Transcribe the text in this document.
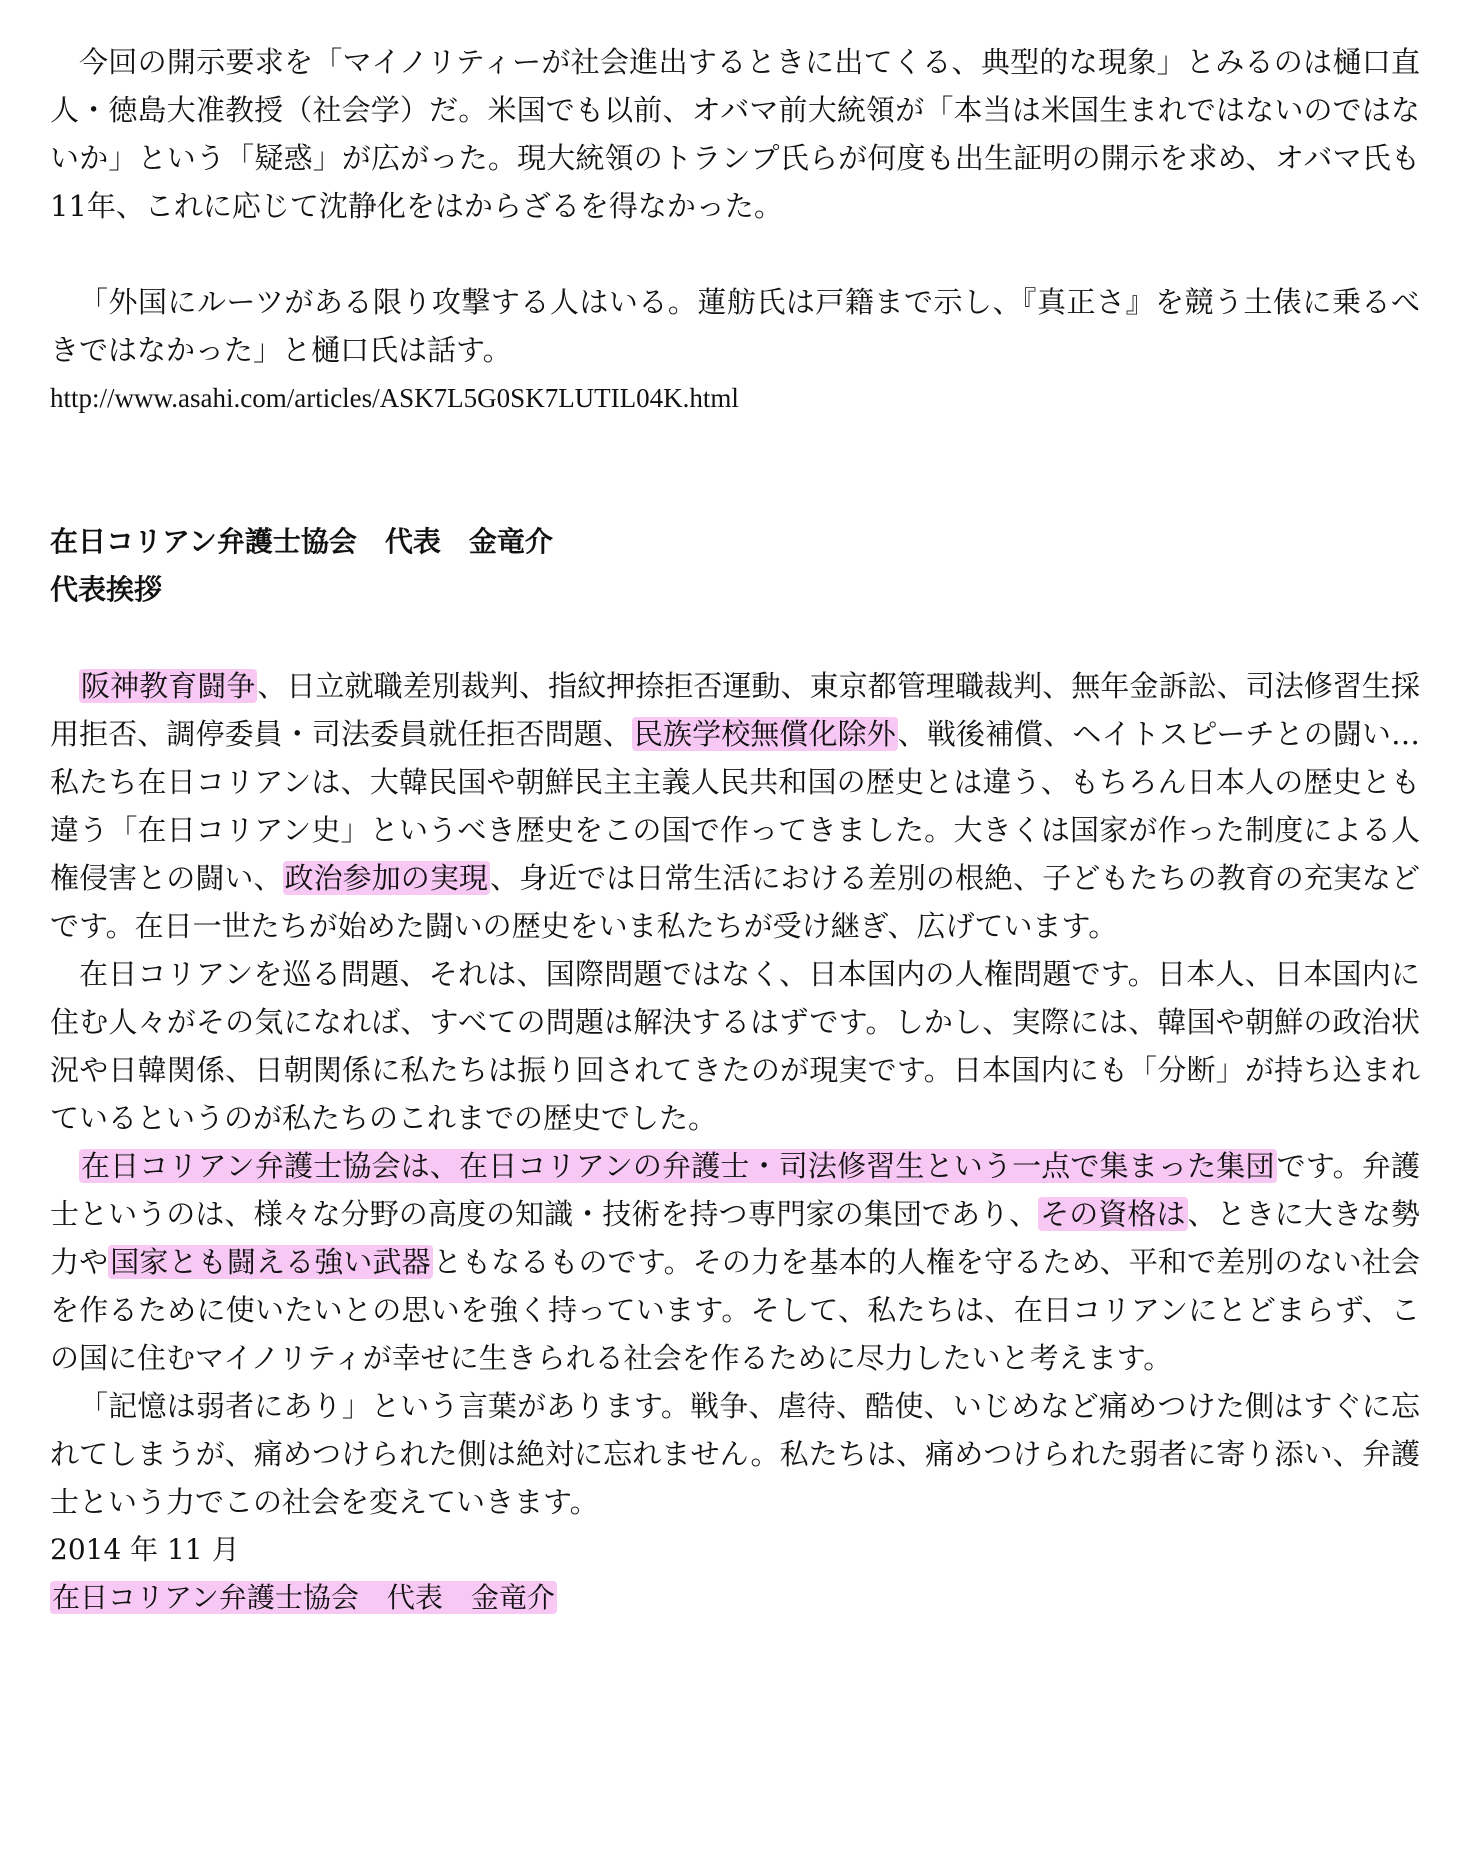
今回の開示要求を「マイノリティーが社会進出するときに出てくる、典型的な現象」とみるのは樋口直人・徳島大准教授（社会学）だ。米国でも以前、オバマ前大統領が「本当は米国生まれではないのではないか」という「疑惑」が広がった。現大統領のトランプ氏らが何度も出生証明の開示を求め、オバマ氏も11年、これに応じて沈静化をはからざるを得なかった。

「外国にルーツがある限り攻撃する人はいる。蓮舫氏は戸籍まで示し、『真正さ』を競う土俵に乗るべきではなかった」と樋口氏は話す。

http://www.asahi.com/articles/ASK7L5G0SK7LUTIL04K.html

在日コリアン弁護士協会　代表　金竜介

代表挨拶

阪神教育闘争、日立就職差別裁判、指紋押捺拒否運動、東京都管理職裁判、無年金訴訟、司法修習生採用拒否、調停委員・司法委員就任拒否問題、民族学校無償化除外、戦後補償、ヘイトスピーチとの闘い…私たち在日コリアンは、大韓民国や朝鮮民主主義人民共和国の歴史とは違う、もちろん日本人の歴史とも違う「在日コリアン史」というべき歴史をこの国で作ってきました。大きくは国家が作った制度による人権侵害との闘い、政治参加の実現、身近では日常生活における差別の根絶、子どもたちの教育の充実などです。在日一世たちが始めた闘いの歴史をいま私たちが受け継ぎ、広げています。

在日コリアンを巡る問題、それは、国際問題ではなく、日本国内の人権問題です。日本人、日本国内に住む人々がその気になれば、すべての問題は解決するはずです。しかし、実際には、韓国や朝鮮の政治状況や日韓関係、日朝関係に私たちは振り回されてきたのが現実です。日本国内にも「分断」が持ち込まれているというのが私たちのこれまでの歴史でした。

在日コリアン弁護士協会は、在日コリアンの弁護士・司法修習生という一点で集まった集団です。弁護士というのは、様々な分野の高度の知識・技術を持つ専門家の集団であり、その資格は、ときに大きな勢力や国家とも闘える強い武器ともなるものです。その力を基本的人権を守るため、平和で差別のない社会を作るために使いたいとの思いを強く持っています。そして、私たちは、在日コリアンにとどまらず、この国に住むマイノリティが幸せに生きられる社会を作るために尽力したいと考えます。

「記憶は弱者にあり」という言葉があります。戦争、虐待、酷使、いじめなど痛めつけた側はすぐに忘れてしまうが、痛めつけられた側は絶対に忘れません。私たちは、痛めつけられた弱者に寄り添い、弁護士という力でこの社会を変えていきます。

2014 年 11 月

在日コリアン弁護士協会　代表　金竜介
